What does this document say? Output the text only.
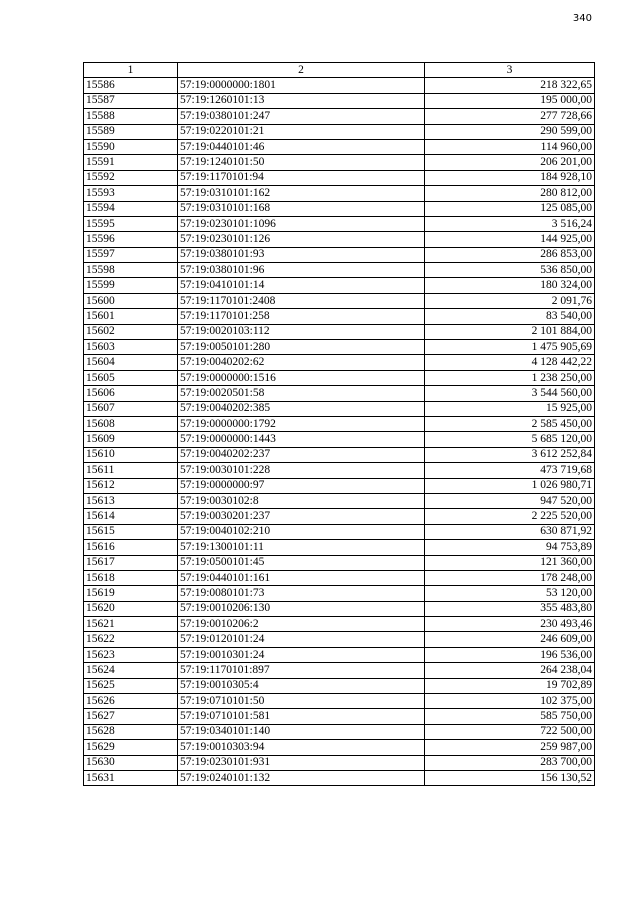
340
1	2	3
15586	57:19:0000000:1801	218 322,65
15587	57:19:1260101:13	195 000,00
15588	57:19:0380101:247	277 728,66
15589	57:19:0220101:21	290 599,00
15590	57:19:0440101:46	114 960,00
15591	57:19:1240101:50	206 201,00
15592	57:19:1170101:94	184 928,10
15593	57:19:0310101:162	280 812,00
15594	57:19:0310101:168	125 085,00
15595	57:19:0230101:1096	3 516,24
15596	57:19:0230101:126	144 925,00
15597	57:19:0380101:93	286 853,00
15598	57:19:0380101:96	536 850,00
15599	57:19:0410101:14	180 324,00
15600	57:19:1170101:2408	2 091,76
15601	57:19:1170101:258	83 540,00
15602	57:19:0020103:112	2 101 884,00
15603	57:19:0050101:280	1 475 905,69
15604	57:19:0040202:62	4 128 442,22
15605	57:19:0000000:1516	1 238 250,00
15606	57:19:0020501:58	3 544 560,00
15607	57:19:0040202:385	15 925,00
15608	57:19:0000000:1792	2 585 450,00
15609	57:19:0000000:1443	5 685 120,00
15610	57:19:0040202:237	3 612 252,84
15611	57:19:0030101:228	473 719,68
15612	57:19:0000000:97	1 026 980,71
15613	57:19:0030102:8	947 520,00
15614	57:19:0030201:237	2 225 520,00
15615	57:19:0040102:210	630 871,92
15616	57:19:1300101:11	94 753,89
15617	57:19:0500101:45	121 360,00
15618	57:19:0440101:161	178 248,00
15619	57:19:0080101:73	53 120,00
15620	57:19:0010206:130	355 483,80
15621	57:19:0010206:2	230 493,46
15622	57:19:0120101:24	246 609,00
15623	57:19:0010301:24	196 536,00
15624	57:19:1170101:897	264 238,04
15625	57:19:0010305:4	19 702,89
15626	57:19:0710101:50	102 375,00
15627	57:19:0710101:581	585 750,00
15628	57:19:0340101:140	722 500,00
15629	57:19:0010303:94	259 987,00
15630	57:19:0230101:931	283 700,00
15631	57:19:0240101:132	156 130,52
